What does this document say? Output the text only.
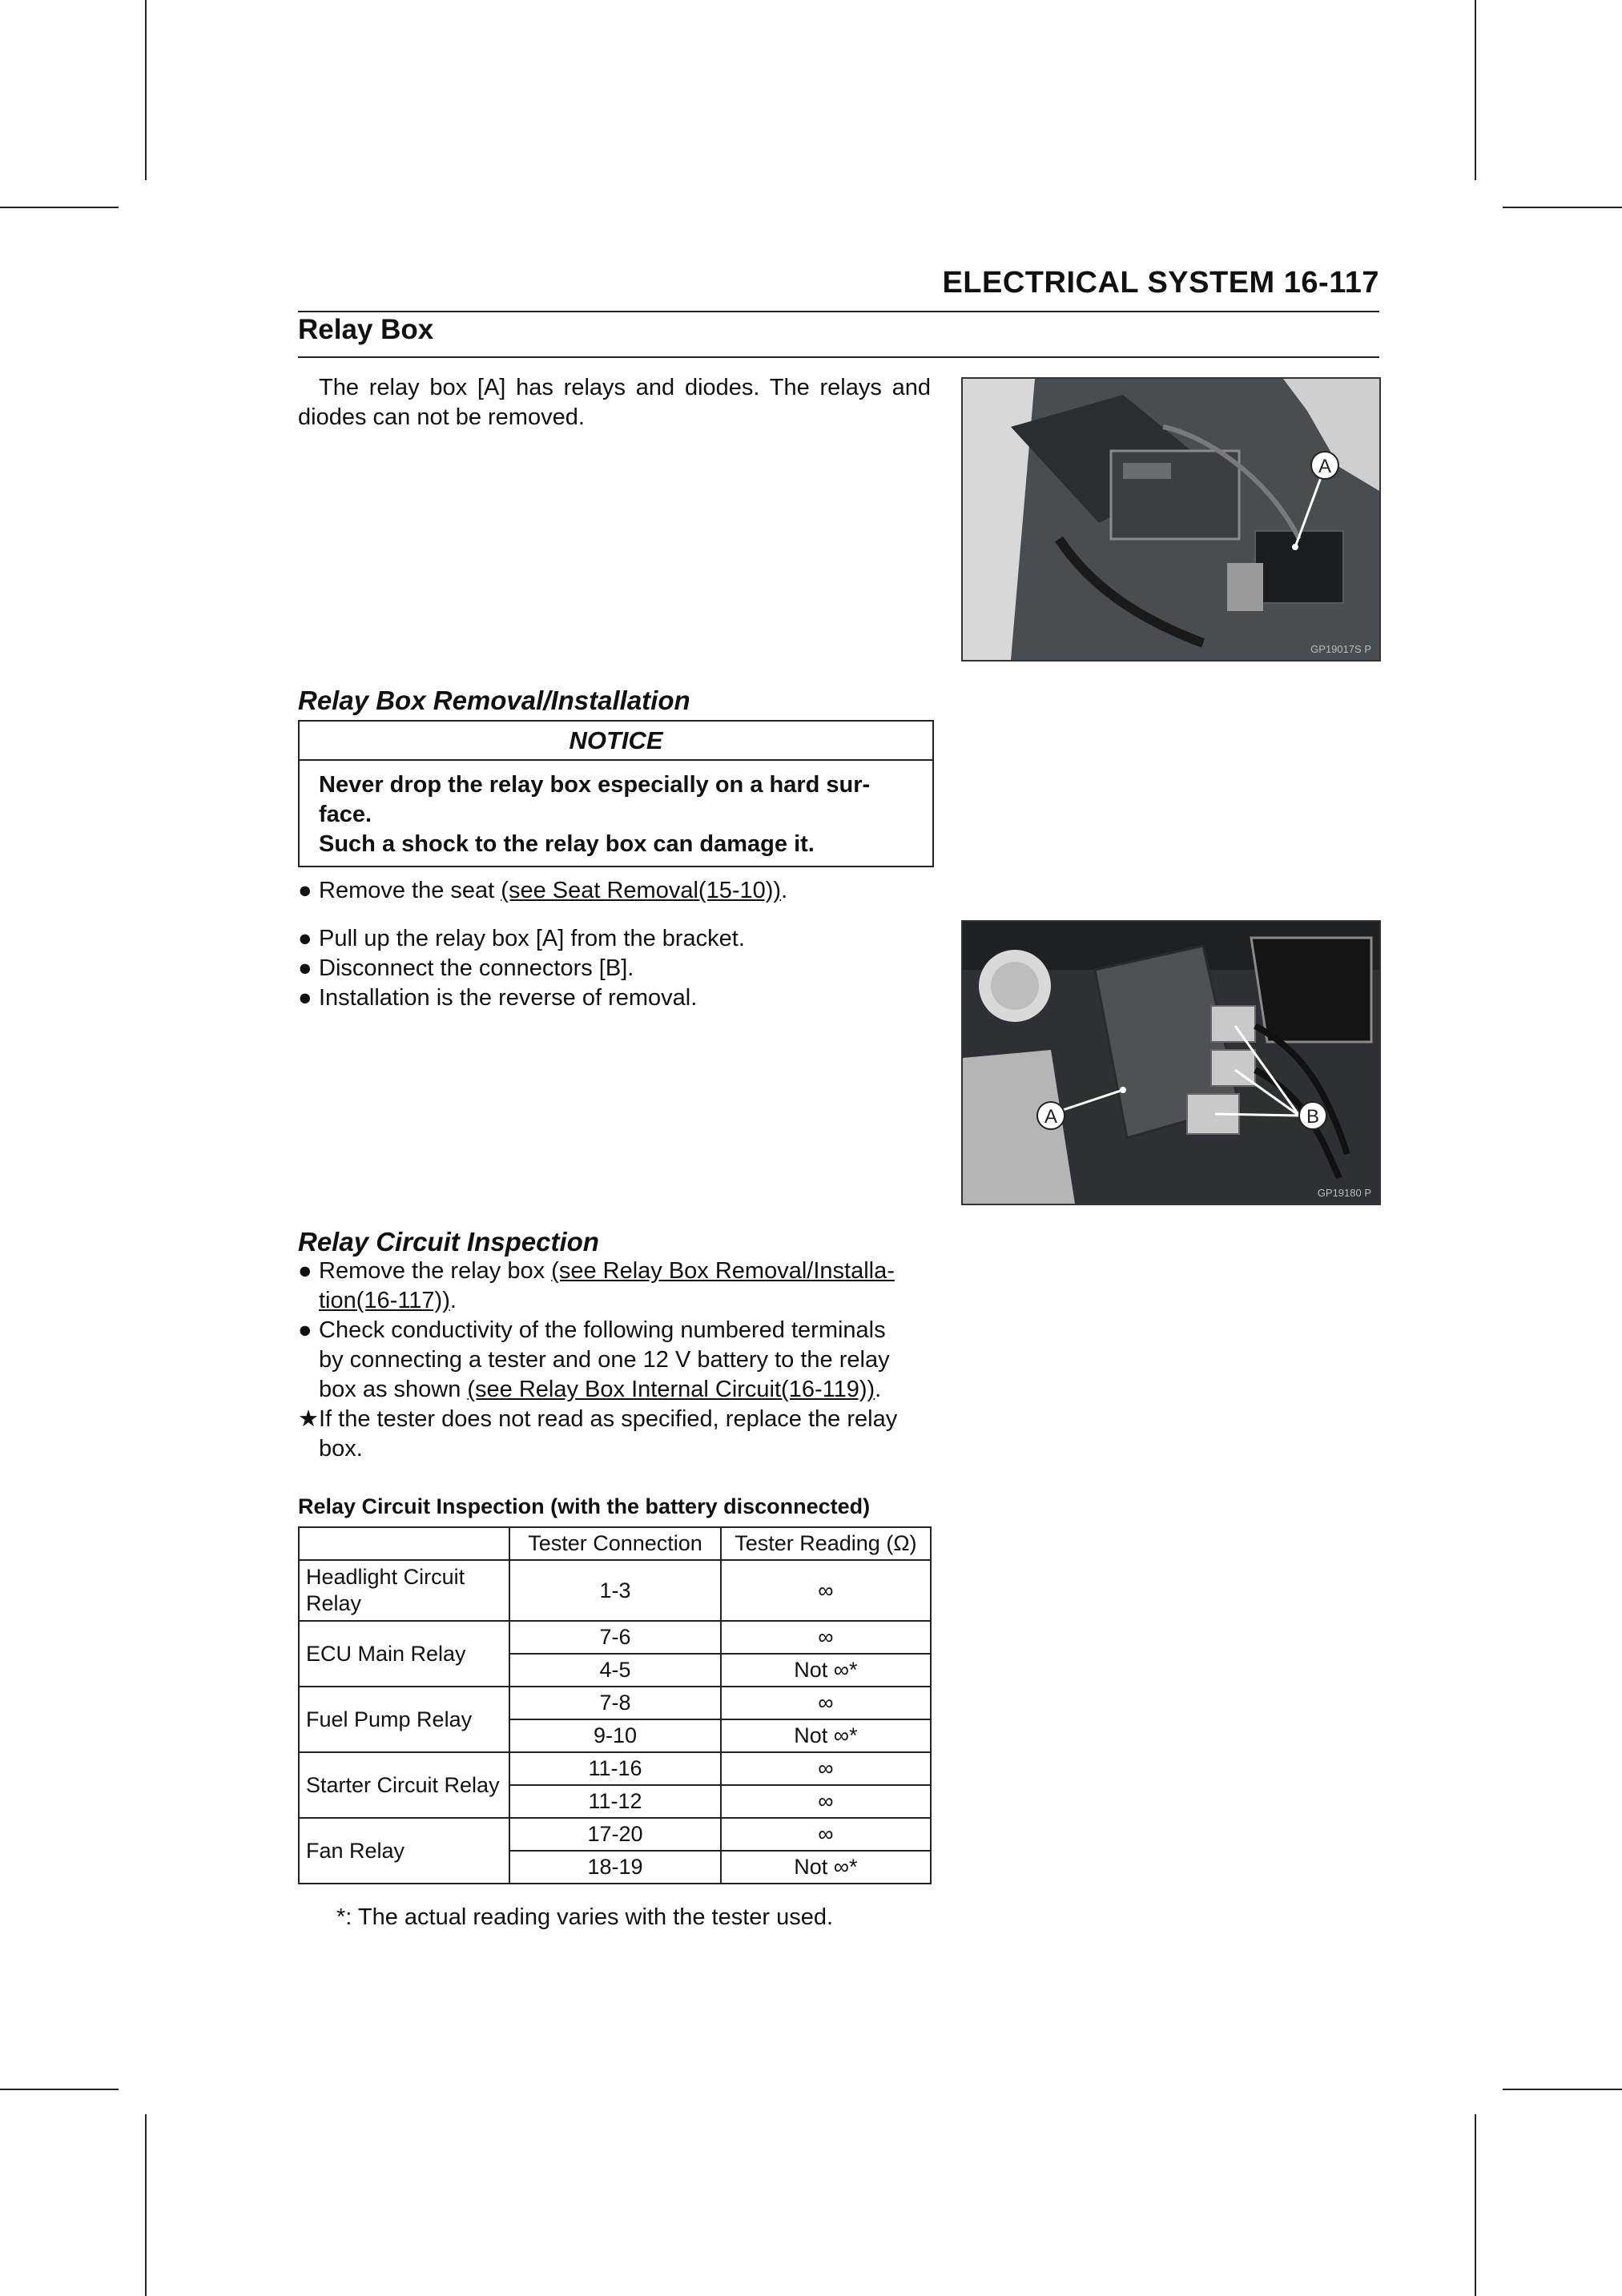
ELECTRICAL SYSTEM 16-117
Relay Box
The relay box [A] has relays and diodes. The relays and diodes can not be removed.
A
GP19017S P
Relay Box Removal/Installation
NOTICE
Never drop the relay box especially on a hard sur-
face.
Such a shock to the relay box can damage it.
● Remove the seat (see Seat Removal(15-10)).
● Pull up the relay box [A] from the bracket.
● Disconnect the connectors [B].
● Installation is the reverse of removal.
A	B
GP19180 P
Relay Circuit Inspection
● Remove the relay box (see Relay Box Removal/Installa-
tion(16-117)).
● Check conductivity of the following numbered terminals
by connecting a tester and one 12 V battery to the relay
box as shown (see Relay Box Internal Circuit(16-119)).
★ If the tester does not read as specified, replace the relay
box.
Relay Circuit Inspection (with the battery disconnected)
	Tester Connection	Tester Reading (Ω)
Headlight Circuit Relay	1-3	∞
ECU Main Relay	7-6	∞
	4-5	Not ∞*
Fuel Pump Relay	7-8	∞
	9-10	Not ∞*
Starter Circuit Relay	11-16	∞
	11-12	∞
Fan Relay	17-20	∞
	18-19	Not ∞*
*: The actual reading varies with the tester used.
